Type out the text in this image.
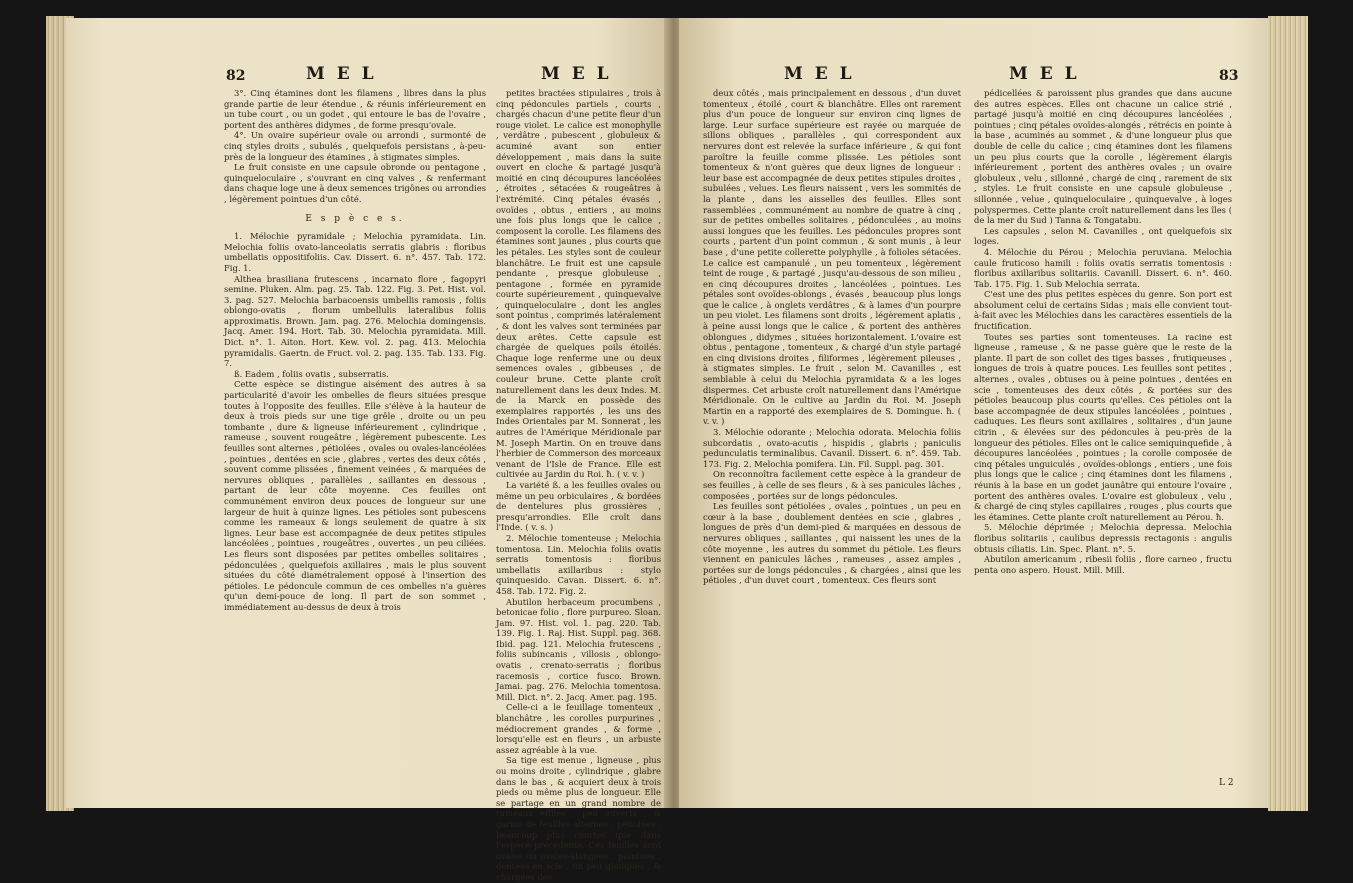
82	M E L	M E L

3°. Cinq étamines dont les filamens , libres dans la plus grande partie de leur étendue , & réunis inférieurement en un tube court , ou un godet , qui entoure le bas de l'ovaire , portent des anthères didymes , de forme presqu'ovale.

4°. Un ovaire supérieur ovale ou arrondi , surmonté de cinq styles droits , subulés , quelquefois persistans , à-peu-près de la longueur des étamines , à stigmates simples.

Le fruit consiste en une capsule obronde ou pentagone , quinqueloculaire , s'ouvrant en cinq valves , & renfermant dans chaque loge une à deux semences trigônes ou arrondies , légèrement pointues d'un côté.

E s p è c e s.

1. Mélochie pyramidale ; Melochia pyramidata. Lin. Melochia foliis ovato-lanceolatis serratis glabris : floribus umbellatis oppositifoliis. Cav. Dissert. 6. n°. 457. Tab. 172. Fig. 1.

Althea brasiliana frutescens , incarnato flore , fagopyri semine. Pluken. Alm. pag. 25. Tab. 122. Fig. 3. Pet. Hist. vol. 3. pag. 527. Melochia barbacoensis umbellis ramosis , foliis oblongo-ovatis , florum umbellulis lateralibus foliis approximatis. Brown. Jam. pag. 276. Melochia domingensis. Jacq. Amer. 194. Hort. Tab. 30. Melochia pyramidata. Mill. Dict. n°. 1. Aiton. Hort. Kew. vol. 2. pag. 413. Melochia pyramidalis. Gaertn. de Fruct. vol. 2. pag. 135. Tab. 133. Fig. 7.

ß. Eadem , foliis ovatis , subserratis.

Cette espèce se distingue aisément des autres à sa particularité d'avoir les ombelles de fleurs situées presque toutes à l'opposite des feuilles. Elle s'élève à la hauteur de deux à trois pieds sur une tige grêle , droite ou un peu tombante , dure & ligneuse inférieurement , cylindrique , rameuse , souvent rougeâtre , légèrement pubescente. Les feuilles sont alternes , pétiolées , ovales ou ovales-lancéolées , pointues , dentées en scie , glabres , vertes des deux côtés , souvent comme plissées , finement veinées , & marquées de nervures obliques , parallèles , saillantes en dessous , partant de leur côte moyenne. Ces feuilles ont communément environ deux pouces de longueur sur une largeur de huit à quinze lignes. Les pétioles sont pubescens comme les rameaux & longs seulement de quatre à six lignes. Leur base est accompagnée de deux petites stipules lancéolées , pointues , rougeâtres , ouvertes , un peu ciliées. Les fleurs sont disposées par petites ombelles solitaires , pédonculées , quelquefois axillaires , mais le plus souvent situées du côté diamétralement opposé à l'insertion des pétioles. Le pédoncule commun de ces ombelles n'a guères qu'un demi-pouce de long. Il part de son sommet , immédiatement au-dessus de deux à trois

petites bractées stipulaires , trois à cinq pédoncules partiels , courts , chargés chacun d'une petite fleur d'un rouge violet. Le calice est monophylle , verdâtre , pubescent , globuleux & acuminé avant son entier développement , mais dans la suite ouvert en cloche & partagé jusqu'à moitié en cinq découpures lancéolées , étroites , sétacées & rougeâtres à l'extrémité. Cinq pétales évasés , ovoïdes , obtus , entiers , au moins une fois plus longs que le calice , composent la corolle. Les filamens des étamines sont jaunes , plus courts que les pétales. Les styles sont de couleur blanchâtre. Le fruit est une capsule pendante , presque globuleuse , pentagone , formée en pyramide courte supérieurement , quinquevalve , quinqueloculaire , dont les angles sont pointus , comprimés latéralement , & dont les valves sont terminées par deux arêtes. Cette capsule est chargée de quelques poils étoilés. Chaque loge renferme une ou deux semences ovales , gibbeuses , de couleur brune. Cette plante croît naturellement dans les deux Indes. M. de la Marck en possède des exemplaires rapportés , les uns des Indes Orientales par M. Sonnerat , les autres de l'Amérique Méridionale par M. Joseph Martin. On en trouve dans l'herbier de Commerson des morceaux venant de l'Isle de France. Elle est cultivée au Jardin du Roi. ħ. ( v. v. )

La variété ß. a les feuilles ovales ou même un peu orbiculaires , & bordées de dentelures plus grossières , presqu'arrondies. Elle croît dans l'Inde. ( v. s. )

2. Mélochie tomenteuse ; Melochia tomentosa. Lin. Melochia foliis ovatis serratis tomentosis : floribus umbellatis axillaribus : stylo quinquesido. Cavan. Dissert. 6. n°. 458. Tab. 172. Fig. 2.

Abutilon herbaceum procumbens , betonicae folio , flore purpureo. Sloan. Jam. 97. Hist. vol. 1. pag. 220. Tab. 139. Fig. 1. Raj. Hist. Suppl. pag. 368. Ibid. pag. 121. Melochia frutescens , foliis subincanis , villosis , oblongo-ovatis , crenato-serratis ; floribus racemosis , cortice fusco. Brown. Jamai. pag. 276. Melochia tomentosa. Mill. Dict. n°. 2. Jacq. Amer. pag. 195.

Celle-ci a le feuillage tomenteux , blanchâtre , les corolles purpurines , médiocrement grandes , & forme , lorsqu'elle est en fleurs , un arbuste assez agréable à la vue.

Sa tige est menue , ligneuse , plus ou moins droite , cylindrique , glabre dans le bas , & acquiert deux à trois pieds ou même plus de longueur. Elle se partage en un grand nombre de rameaux effilés , peu ouverts , & garnis de feuilles alternes , pétiolées , beaucoup plus courtes que dans l'espèce précédente. Ces feuilles sont ovales ou ovales-alongées , pointues , dentées en scie , un peu glauques , & chargées des

M E L	M E L	83

deux côtés , mais principalement en dessous , d'un duvet tomenteux , étoilé , court & blanchâtre. Elles ont rarement plus d'un pouce de longueur sur environ cinq lignes de large. Leur surface supérieure est rayée ou marquée de sillons obliques , parallèles , qui correspondent aux nervures dont est relevée la surface inférieure , & qui font paroître la feuille comme plissée. Les pétioles sont tomenteux & n'ont guères que deux lignes de longueur : leur base est accompagnée de deux petites stipules droites , subulées , velues. Les fleurs naissent , vers les sommités de la plante , dans les aisselles des feuilles. Elles sont rassemblées , communément au nombre de quatre à cinq , sur de petites ombelles solitaires , pédonculées , au moins aussi longues que les feuilles. Les pédoncules propres sont courts , partent d'un point commun , & sont munis , à leur base , d'une petite collerette polyphylle , à folioles sétacées. Le calice est campanulé , un peu tomenteux , légèrement teint de rouge , & partagé , jusqu'au-dessous de son milieu , en cinq découpures droites , lancéolées , pointues. Les pétales sont ovoïdes-oblongs , évasés , beaucoup plus longs que le calice , à onglets verdâtres , & à lames d'un pourpre un peu violet. Les filamens sont droits , légèrement aplatis , à peine aussi longs que le calice , & portent des anthères oblongues , didymes , situées horizontalement. L'ovaire est obtus , pentagone , tomenteux , & chargé d'un style partagé en cinq divisions droites , filiformes , légèrement pileuses , à stigmates simples. Le fruit , selon M. Cavanilles , est semblable à celui du Melochia pyramidata & a les loges dispermes. Cet arbuste croît naturellement dans l'Amérique Méridionale. On le cultive au Jardin du Roi. M. Joseph Martin en a rapporté des exemplaires de S. Domingue. ħ. ( v. v. )

3. Mélochie odorante ; Melochia odorata. Melochia foliis subcordatis , ovato-acutis , hispidis , glabris ; paniculis pedunculatis terminalibus. Cavanil. Dissert. 6. n°. 459. Tab. 173. Fig. 2. Melochia pomifera. Lin. Fil. Suppl. pag. 301.

On reconnoîtra facilement cette espèce à la grandeur de ses feuilles , à celle de ses fleurs , & à ses panicules lâches , composées , portées sur de longs pédoncules.

Les feuilles sont pétiolées , ovales , pointues , un peu en cœur à la base , doublement dentées en scie , glabres , longues de près d'un demi-pied & marquées en dessous de nervures obliques , saillantes , qui naissent les unes de la côte moyenne , les autres du sommet du pétiole. Les fleurs viennent en panicules lâches , rameuses , assez amples , portées sur de longs pédoncules , & chargées , ainsi que les pétioles , d'un duvet court , tomenteux. Ces fleurs sont

pédicellées & paroissent plus grandes que dans aucune des autres espèces. Elles ont chacune un calice strié , partagé jusqu'à moitié en cinq découpures lancéolées , pointues ; cinq pétales ovoïdes-alongés , rétrécis en pointe à la base , acuminés au sommet , & d'une longueur plus que double de celle du calice ; cinq étamines dont les filamens un peu plus courts que la corolle , légèrement élargis inférieurement , portent des anthères ovales ; un ovaire globuleux , velu , sillonné , chargé de cinq , rarement de six , styles. Le fruit consiste en une capsule globuleuse , sillonnée , velue , quinqueloculaire , quinquevalve , à loges polyspermes. Cette plante croît naturellement dans les îles ( de la mer du Sud ) Tanna & Tongatabu.

Les capsules , selon M. Cavanilles , ont quelquefois six loges.

4. Mélochie du Pérou ; Melochia peruviana. Melochia caule fruticoso hamili : foliis ovatis serratis tomentosis : floribus axillaribus solitariis. Cavanill. Dissert. 6. n°. 460. Tab. 175. Fig. 1. Sub Melochia serrata.

C'est une des plus petites espèces du genre. Son port est absolument celui de certains Sidas ; mais elle convient tout-à-fait avec les Mélochies dans les caractères essentiels de la fructification.

Toutes ses parties sont tomenteuses. La racine est ligneuse , rameuse , & ne passe guère que le reste de la plante. Il part de son collet des tiges basses , frutiqueuses , longues de trois à quatre pouces. Les feuilles sont petites , alternes , ovales , obtuses ou à peine pointues , dentées en scie , tomenteuses des deux côtés , & portées sur des pétioles beaucoup plus courts qu'elles. Ces pétioles ont la base accompagnée de deux stipules lancéolées , pointues , caduques. Les fleurs sont axillaires , solitaires , d'un jaune citrin , & élevées sur des pédoncules à peu-près de la longueur des pétioles. Elles ont le calice semiquinquefide , à découpures lancéolées , pointues ; la corolle composée de cinq pétales unguiculés , ovoïdes-oblongs , entiers , une fois plus longs que le calice ; cinq étamines dont les filamens , réunis à la base en un godet jaunâtre qui entoure l'ovaire , portent des anthères ovales. L'ovaire est globuleux , velu , & chargé de cinq styles capillaires , rouges , plus courts que les étamines. Cette plante croît naturellement au Pérou. ħ.

5. Mélochie déprimée ; Melochia depressa. Melochia floribus solitariis , caulibus depressis rectagonis : angulis obtusis ciliatis. Lin. Spec. Plant. n°. 5.

Abutilon americanum , ribesii foliis , flore carneo , fructu penta ono aspero. Houst. Mill. Mill.

L 2
